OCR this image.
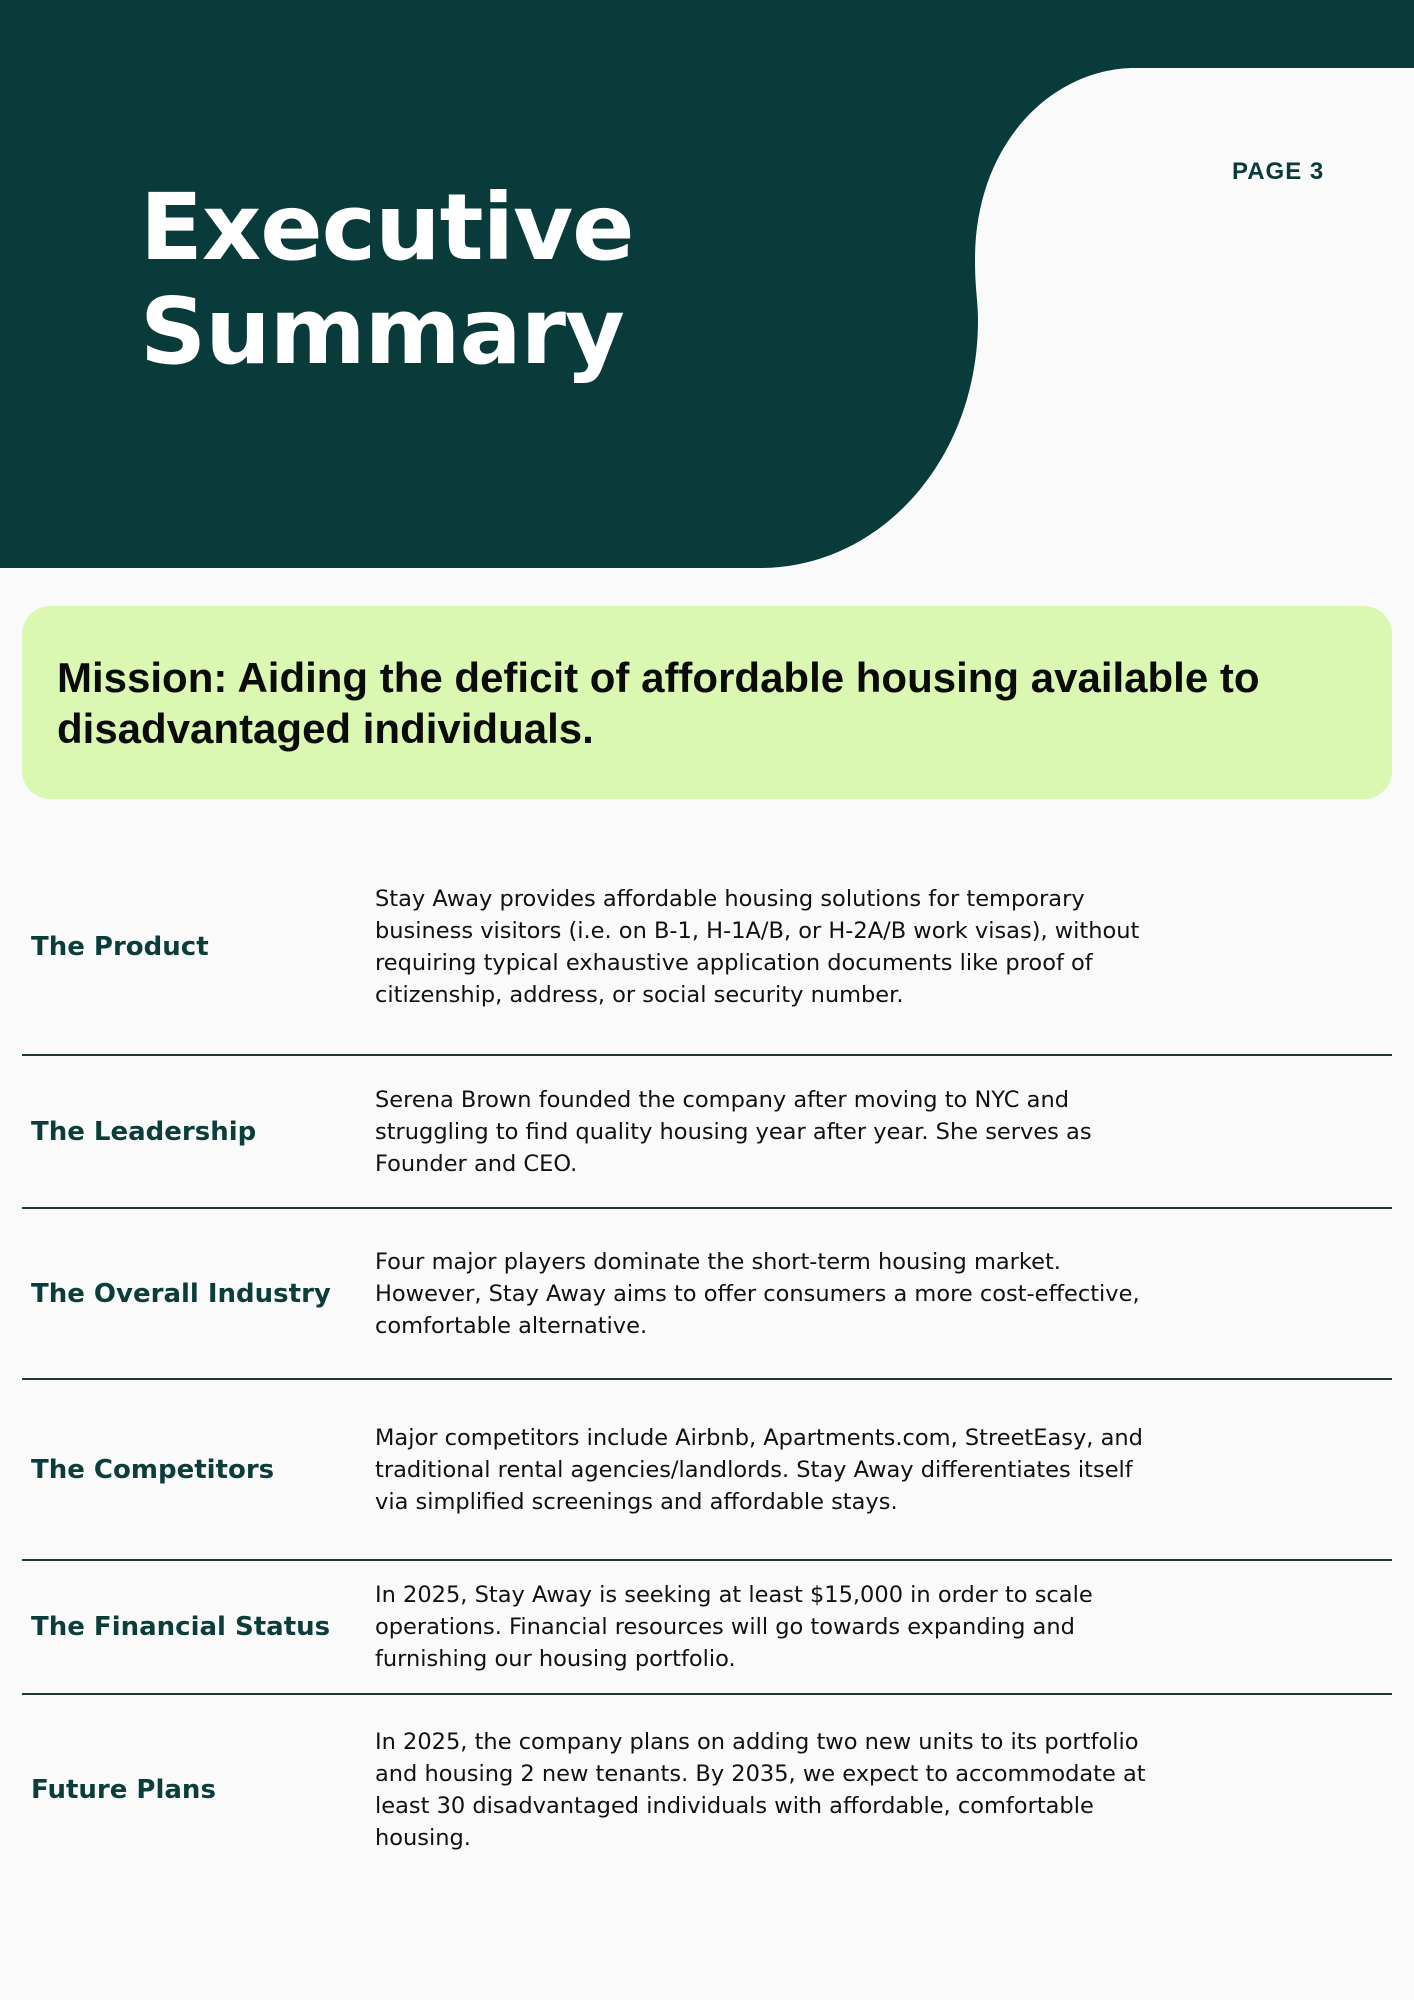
PAGE 3
Executive
Summary

Mission: Aiding the deficit of affordable housing available to disadvantaged individuals.

The Product
Stay Away provides affordable housing solutions for temporary business visitors (i.e. on B-1, H-1A/B, or H-2A/B work visas), without requiring typical exhaustive application documents like proof of citizenship, address, or social security number.
The Leadership
Serena Brown founded the company after moving to NYC and struggling to find quality housing year after year. She serves as Founder and CEO.
The Overall Industry
Four major players dominate the short-term housing market. However, Stay Away aims to offer consumers a more cost-effective, comfortable alternative.
The Competitors
Major competitors include Airbnb, Apartments.com, StreetEasy, and traditional rental agencies/landlords. Stay Away differentiates itself via simplified screenings and affordable stays.
The Financial Status
In 2025, Stay Away is seeking at least $15,000 in order to scale operations. Financial resources will go towards expanding and furnishing our housing portfolio.
Future Plans
In 2025, the company plans on adding two new units to its portfolio and housing 2 new tenants. By 2035, we expect to accommodate at least 30 disadvantaged individuals with affordable, comfortable housing.
